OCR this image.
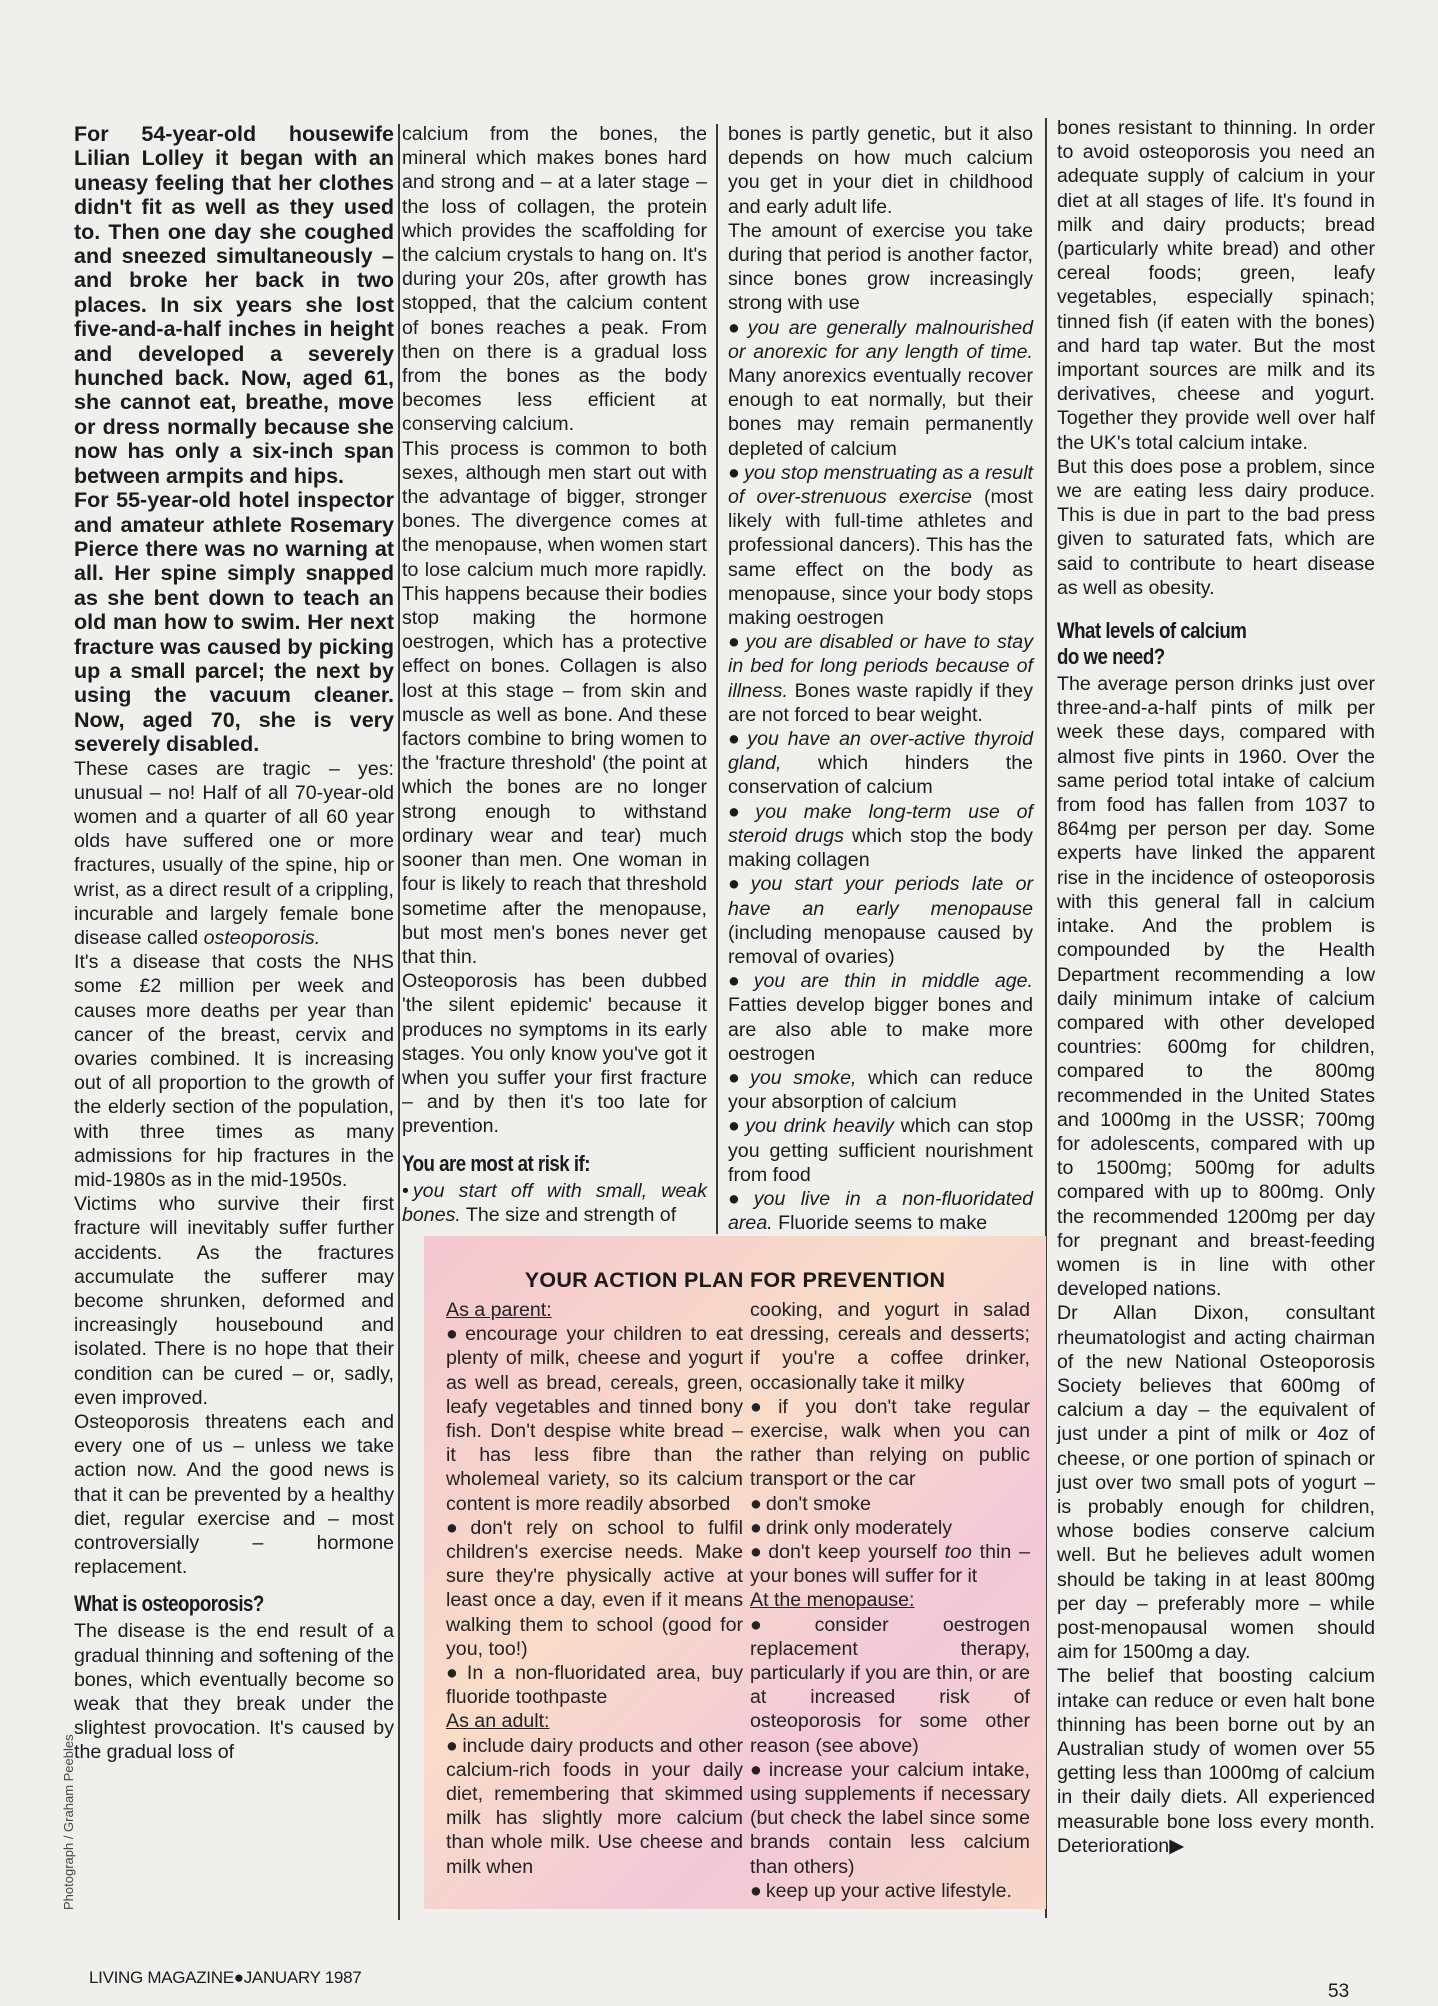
For 54-year-old housewife Lilian Lolley it began with an uneasy feeling that her clothes didn't fit as well as they used to. Then one day she coughed and sneezed simultaneously – and broke her back in two places. In six years she lost five-and-a-half inches in height and developed a severely hunched back. Now, aged 61, she cannot eat, breathe, move or dress normally because she now has only a six-inch span between armpits and hips.

For 55-year-old hotel inspector and amateur athlete Rosemary Pierce there was no warning at all. Her spine simply snapped as she bent down to teach an old man how to swim. Her next fracture was caused by picking up a small parcel; the next by using the vacuum cleaner. Now, aged 70, she is very severely disabled.

These cases are tragic – yes: unusual – no! Half of all 70-year-old women and a quarter of all 60 year olds have suffered one or more fractures, usually of the spine, hip or wrist, as a direct result of a crippling, incurable and largely female bone disease called osteoporosis.

It's a disease that costs the NHS some £2 million per week and causes more deaths per year than cancer of the breast, cervix and ovaries combined. It is increasing out of all proportion to the growth of the elderly section of the population, with three times as many admissions for hip fractures in the mid-1980s as in the mid-1950s.

Victims who survive their first fracture will inevitably suffer further accidents. As the fractures accumulate the sufferer may become shrunken, deformed and increasingly housebound and isolated. There is no hope that their condition can be cured – or, sadly, even improved.

Osteoporosis threatens each and every one of us – unless we take action now. And the good news is that it can be prevented by a healthy diet, regular exercise and – most controversially – hormone replacement.

What is osteoporosis?

The disease is the end result of a gradual thinning and softening of the bones, which eventually become so weak that they break under the slightest provocation. It's caused by the gradual loss of

calcium from the bones, the mineral which makes bones hard and strong and – at a later stage – the loss of collagen, the protein which provides the scaffolding for the calcium crystals to hang on. It's during your 20s, after growth has stopped, that the calcium content of bones reaches a peak. From then on there is a gradual loss from the bones as the body becomes less efficient at conserving calcium.

This process is common to both sexes, although men start out with the advantage of bigger, stronger bones. The divergence comes at the menopause, when women start to lose calcium much more rapidly. This happens because their bodies stop making the hormone oestrogen, which has a protective effect on bones. Collagen is also lost at this stage – from skin and muscle as well as bone. And these factors combine to bring women to the 'fracture threshold' (the point at which the bones are no longer strong enough to withstand ordinary wear and tear) much sooner than men. One woman in four is likely to reach that threshold sometime after the menopause, but most men's bones never get that thin.

Osteoporosis has been dubbed 'the silent epidemic' because it produces no symptoms in its early stages. You only know you've got it when you suffer your first fracture – and by then it's too late for prevention.

You are most at risk if:

• you start off with small, weak bones. The size and strength of

bones is partly genetic, but it also depends on how much calcium you get in your diet in childhood and early adult life.

The amount of exercise you take during that period is another factor, since bones grow increasingly strong with use

● you are generally malnourished or anorexic for any length of time. Many anorexics eventually recover enough to eat normally, but their bones may remain permanently depleted of calcium

● you stop menstruating as a result of over-strenuous exercise (most likely with full-time athletes and professional dancers). This has the same effect on the body as menopause, since your body stops making oestrogen

● you are disabled or have to stay in bed for long periods because of illness. Bones waste rapidly if they are not forced to bear weight.

● you have an over-active thyroid gland, which hinders the conservation of calcium

● you make long-term use of steroid drugs which stop the body making collagen

● you start your periods late or have an early menopause (including menopause caused by removal of ovaries)

● you are thin in middle age. Fatties develop bigger bones and are also able to make more oestrogen

● you smoke, which can reduce your absorption of calcium

● you drink heavily which can stop you getting sufficient nourishment from food

● you live in a non-fluoridated area. Fluoride seems to make

bones resistant to thinning. In order to avoid osteoporosis you need an adequate supply of calcium in your diet at all stages of life. It's found in milk and dairy products; bread (particularly white bread) and other cereal foods; green, leafy vegetables, especially spinach; tinned fish (if eaten with the bones) and hard tap water. But the most important sources are milk and its derivatives, cheese and yogurt. Together they provide well over half the UK's total calcium intake.

But this does pose a problem, since we are eating less dairy produce. This is due in part to the bad press given to saturated fats, which are said to contribute to heart disease as well as obesity.

What levels of calcium
do we need?

The average person drinks just over three-and-a-half pints of milk per week these days, compared with almost five pints in 1960. Over the same period total intake of calcium from food has fallen from 1037 to 864mg per person per day. Some experts have linked the apparent rise in the incidence of osteoporosis with this general fall in calcium intake. And the problem is compounded by the Health Department recommending a low daily minimum intake of calcium compared with other developed countries: 600mg for children, compared to the 800mg recommended in the United States and 1000mg in the USSR; 700mg for adolescents, compared with up to 1500mg; 500mg for adults compared with up to 800mg. Only the recommended 1200mg per day for pregnant and breast-feeding women is in line with other developed nations.

Dr Allan Dixon, consultant rheumatologist and acting chairman of the new National Osteoporosis Society believes that 600mg of calcium a day – the equivalent of just under a pint of milk or 4oz of cheese, or one portion of spinach or just over two small pots of yogurt – is probably enough for children, whose bodies conserve calcium well. But he believes adult women should be taking in at least 800mg per day – preferably more – while post-menopausal women should aim for 1500mg a day.

The belief that boosting calcium intake can reduce or even halt bone thinning has been borne out by an Australian study of women over 55 getting less than 1000mg of calcium in their daily diets. All experienced measurable bone loss every month. Deterioration▶

YOUR ACTION PLAN FOR PREVENTION

As a parent:

● encourage your children to eat plenty of milk, cheese and yogurt as well as bread, cereals, green, leafy vegetables and tinned bony fish. Don't despise white bread – it has less fibre than the wholemeal variety, so its calcium content is more readily absorbed

● don't rely on school to fulfil children's exercise needs. Make sure they're physically active at least once a day, even if it means walking them to school (good for you, too!)

● In a non-fluoridated area, buy fluoride toothpaste

As an adult:

● include dairy products and other calcium-rich foods in your daily diet, remembering that skimmed milk has slightly more calcium than whole milk. Use cheese and milk when

cooking, and yogurt in salad dressing, cereals and desserts; if you're a coffee drinker, occasionally take it milky

● if you don't take regular exercise, walk when you can rather than relying on public transport or the car

● don't smoke

● drink only moderately

● don't keep yourself too thin – your bones will suffer for it

At the menopause:

● consider oestrogen replacement therapy, particularly if you are thin, or are at increased risk of osteoporosis for some other reason (see above)

● increase your calcium intake, using supplements if necessary (but check the label since some brands contain less calcium than others)

● keep up your active lifestyle.

Photograph / Graham Peebles
LIVING MAGAZINE●JANUARY 1987
53
